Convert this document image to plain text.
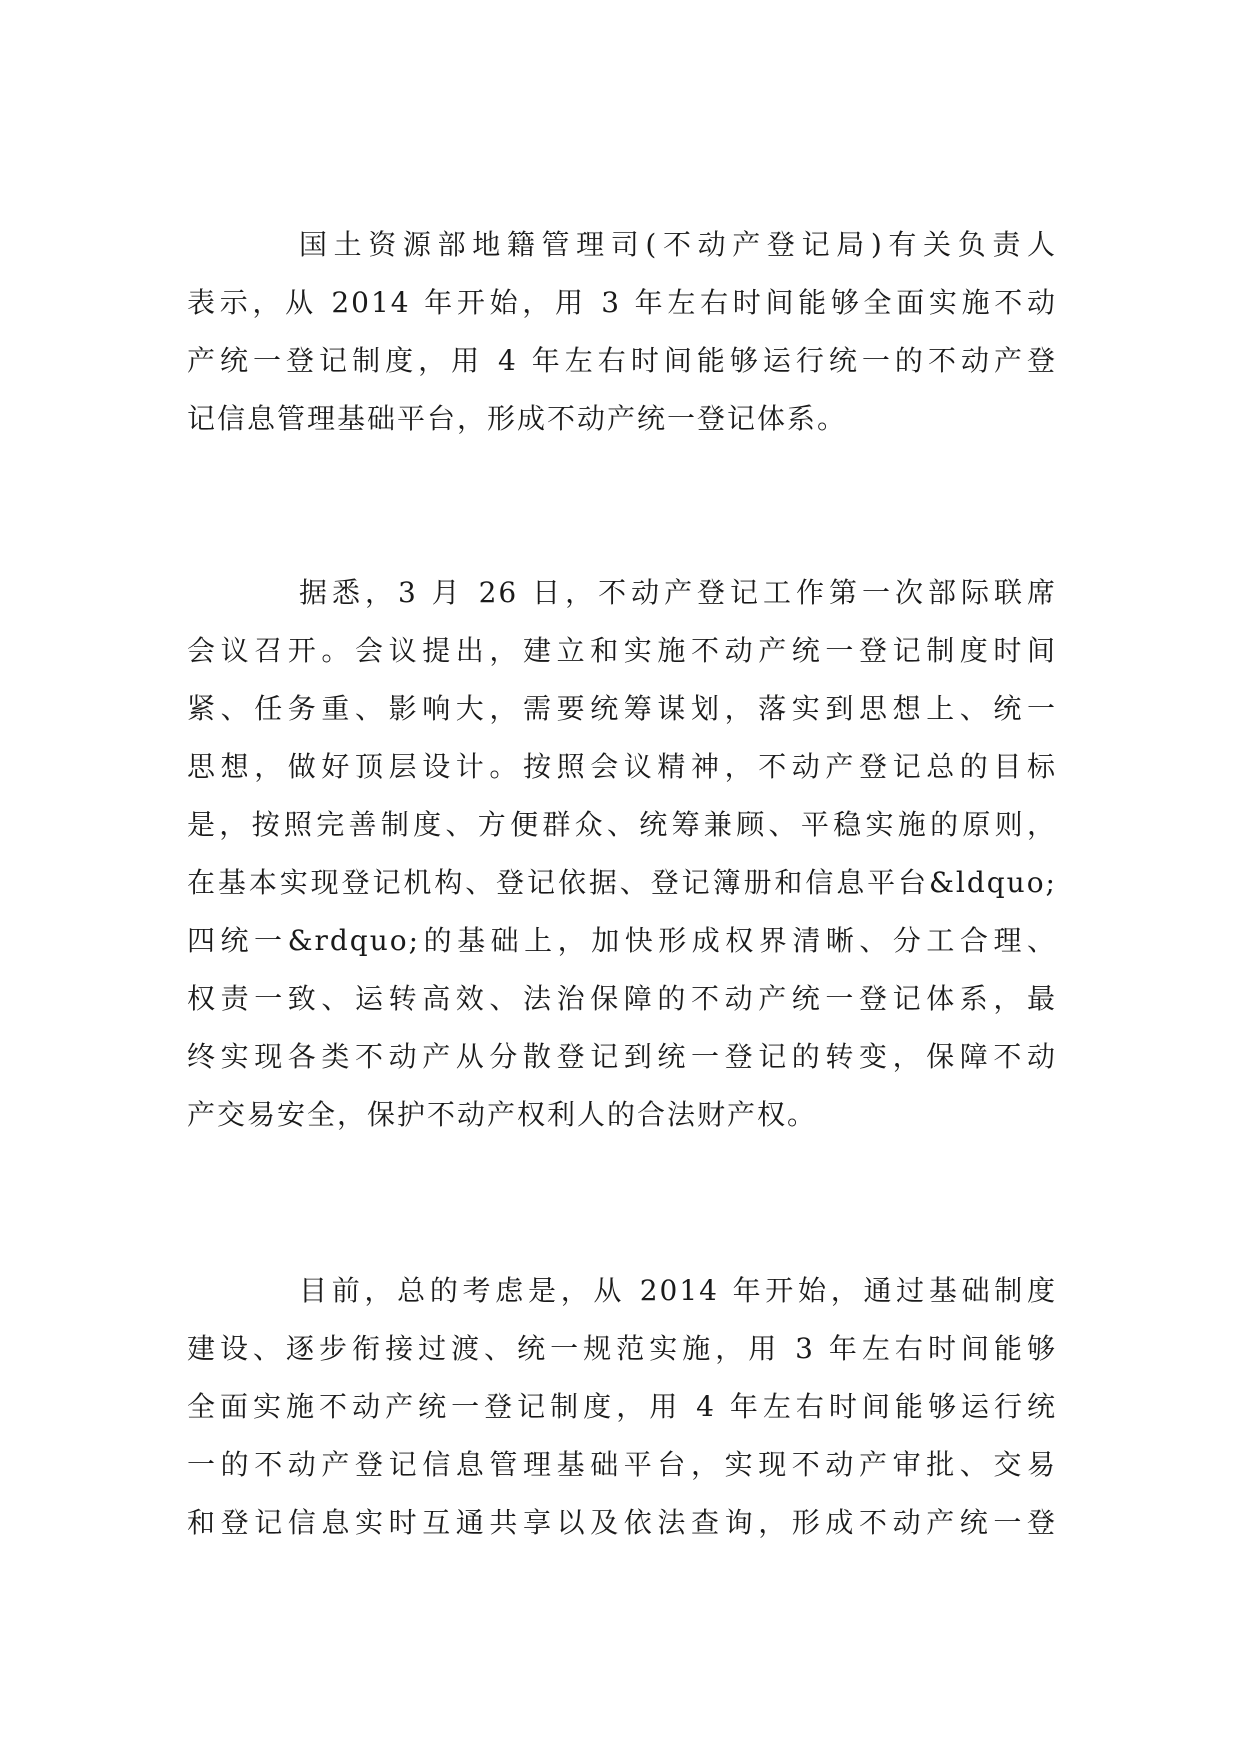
国土资源部地籍管理司(不动产登记局)有关负责人
表示，从 2014 年开始，用 3 年左右时间能够全面实施不动
产统一登记制度，用 4 年左右时间能够运行统一的不动产登
记信息管理基础平台，形成不动产统一登记体系。
据悉，3 月 26 日，不动产登记工作第一次部际联席
会议召开。会议提出，建立和实施不动产统一登记制度时间
紧、任务重、影响大，需要统筹谋划，落实到思想上、统一
思想，做好顶层设计。按照会议精神，不动产登记总的目标
是，按照完善制度、方便群众、统筹兼顾、平稳实施的原则，
在基本实现登记机构、登记依据、登记簿册和信息平台&ldquo;
四统一&rdquo;的基础上，加快形成权界清晰、分工合理、
权责一致、运转高效、法治保障的不动产统一登记体系，最
终实现各类不动产从分散登记到统一登记的转变，保障不动
产交易安全，保护不动产权利人的合法财产权。
目前，总的考虑是，从 2014 年开始，通过基础制度
建设、逐步衔接过渡、统一规范实施，用 3 年左右时间能够
全面实施不动产统一登记制度，用 4 年左右时间能够运行统
一的不动产登记信息管理基础平台，实现不动产审批、交易
和登记信息实时互通共享以及依法查询，形成不动产统一登
